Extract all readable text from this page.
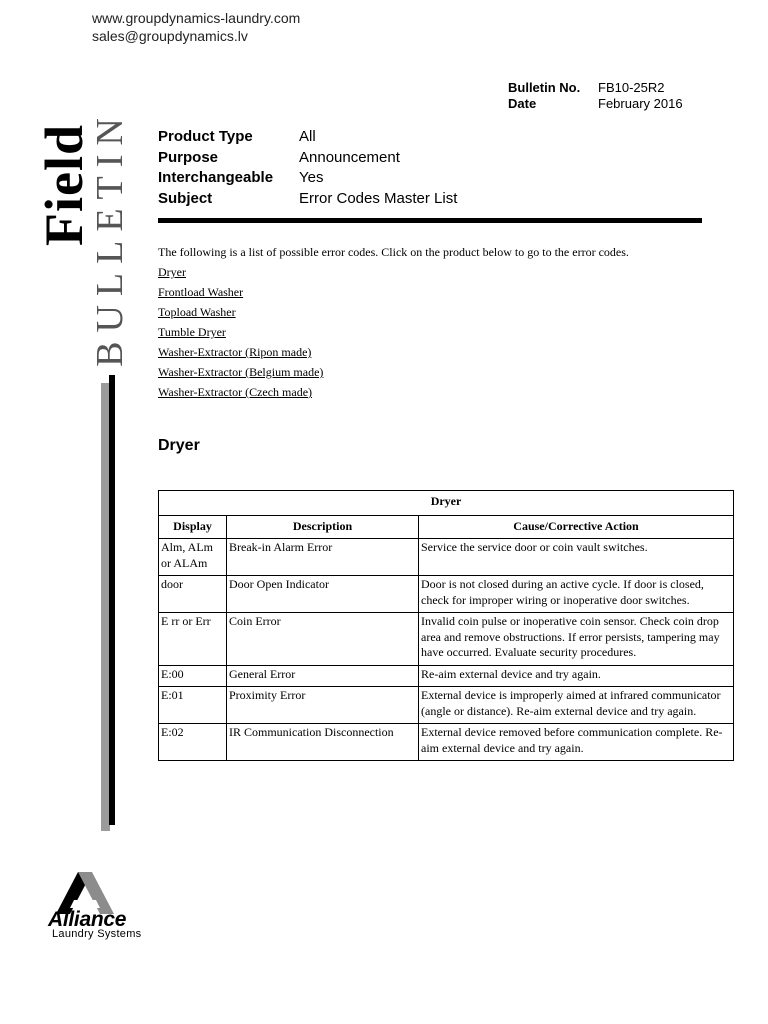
www.groupdynamics-laundry.com
sales@groupdynamics.lv
Bulletin No.	FB10-25R2
Date	February 2016
Field
BULLETIN Product Type	All
Purpose	Announcement
Interchangeable	Yes
Subject	Error Codes Master List
The following is a list of possible error codes. Click on the product below to go to the error codes.
Dryer
Frontload Washer
Topload Washer
Tumble Dryer
Washer-Extractor (Ripon made)
Washer-Extractor (Belgium made)
Washer-Extractor (Czech made)
Dryer
Dryer		
Display	Description	Cause/Corrective Action
Alm, ALm or ALAm	Break-in Alarm Error	Service the service door or coin vault switches.
door	Door Open Indicator	Door is not closed during an active cycle. If door is closed, check for improper wiring or inoperative door switches.
E rr or Err	Coin Error	Invalid coin pulse or inoperative coin sensor. Check coin drop area and remove obstructions. If error persists, tampering may have occurred. Evaluate security procedures.
E:00	General Error	Re-aim external device and try again.
E:01	Proximity Error	External device is improperly aimed at infrared communicator (angle or distance). Re-aim external device and try again.
E:02	IR Communication Disconnection	External device removed before communication complete. Re-aim external device and try again.
Alliance
Laundry Systems
